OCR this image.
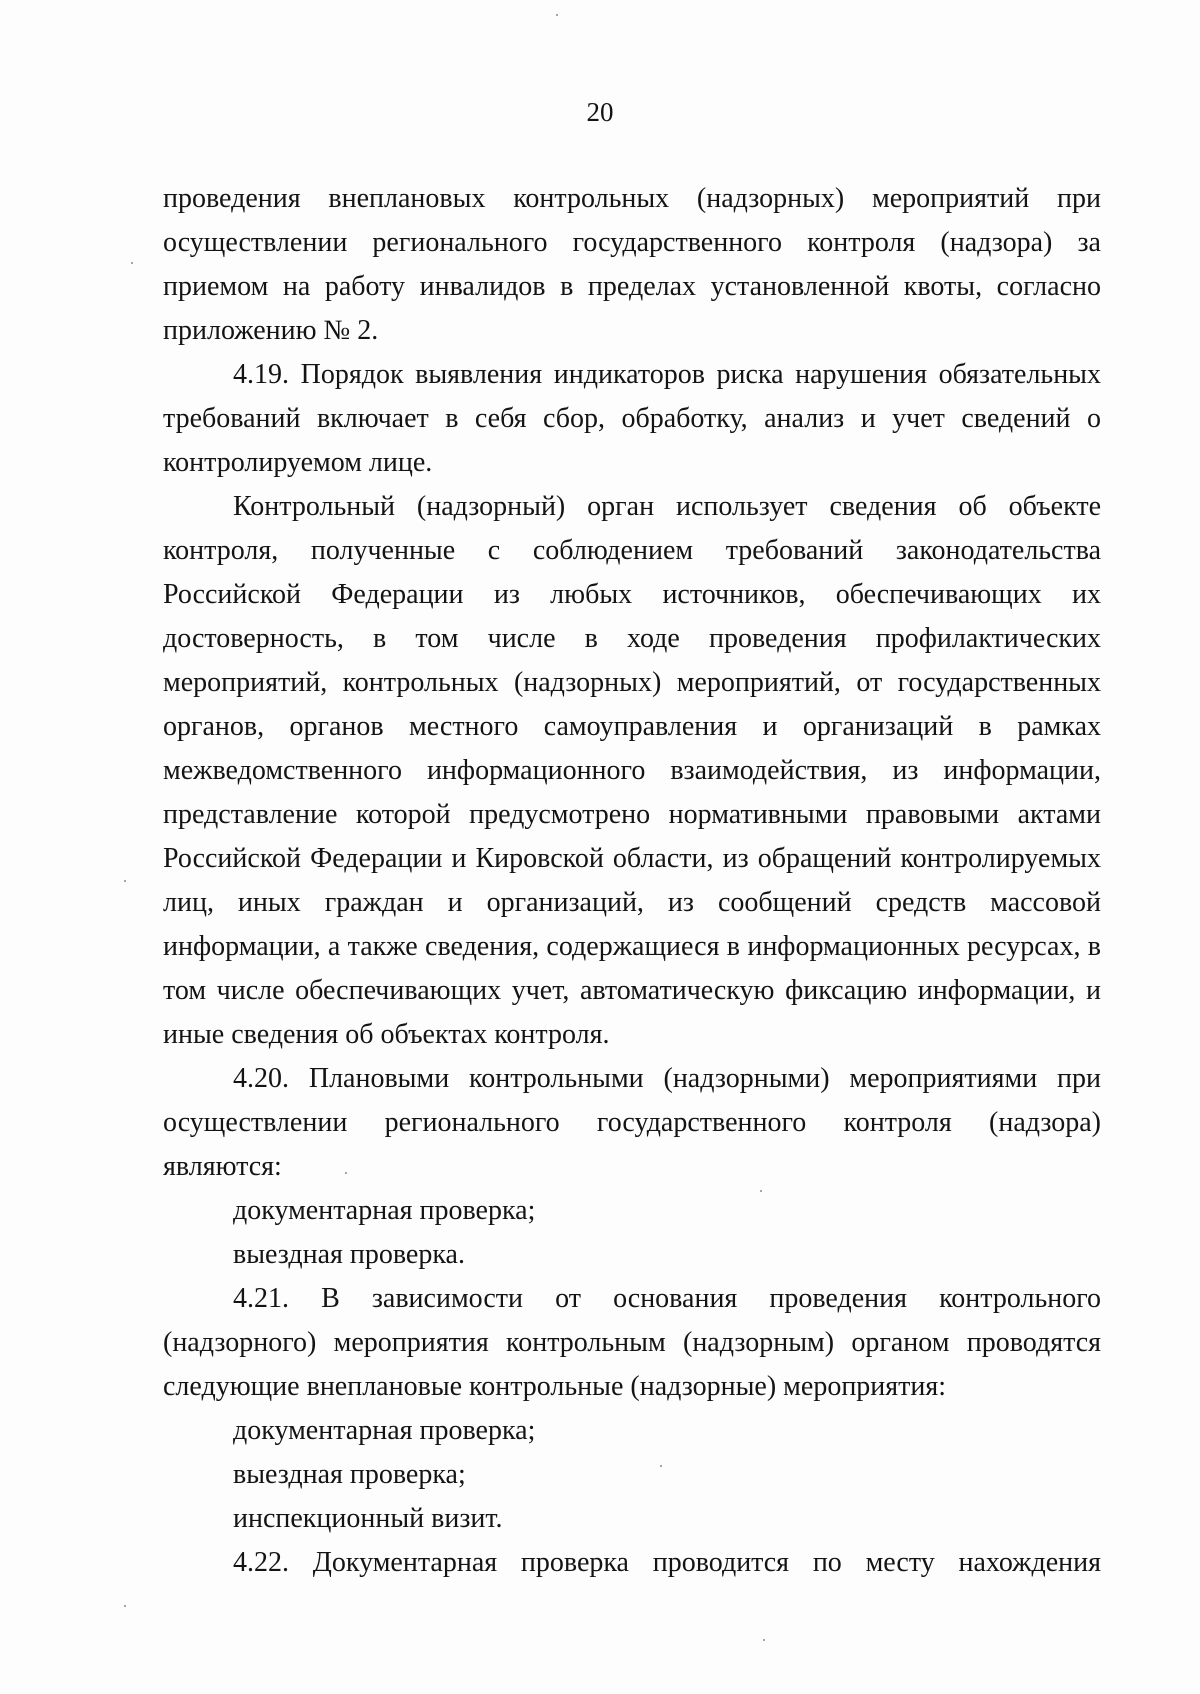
20

проведения внеплановых контрольных (надзорных) мероприятий при осуществлении регионального государственного контроля (надзора) за приемом на работу инвалидов в пределах установленной квоты, согласно приложению № 2.

4.19. Порядок выявления индикаторов риска нарушения обязательных требований включает в себя сбор, обработку, анализ и учет сведений о контролируемом лице.

Контрольный (надзорный) орган использует сведения об объекте контроля, полученные с соблюдением требований законодательства Российской Федерации из любых источников, обеспечивающих их достоверность, в том числе в ходе проведения профилактических мероприятий, контрольных (надзорных) мероприятий, от государственных органов, органов местного самоуправления и организаций в рамках межведомственного информационного взаимодействия, из информации, представление которой предусмотрено нормативными правовыми актами Российской Федерации и Кировской области, из обращений контролируемых лиц, иных граждан и организаций, из сообщений средств массовой информации, а также сведения, содержащиеся в информационных ресурсах, в том числе обеспечивающих учет, автоматическую фиксацию информации, и иные сведения об объектах контроля.

4.20. Плановыми контрольными (надзорными) мероприятиями при осуществлении регионального государственного контроля (надзора) являются:

документарная проверка;

выездная проверка.

4.21. В зависимости от основания проведения контрольного (надзорного) мероприятия контрольным (надзорным) органом проводятся следующие внеплановые контрольные (надзорные) мероприятия:

документарная проверка;

выездная проверка;

инспекционный визит.

4.22. Документарная проверка проводится по месту нахождения
